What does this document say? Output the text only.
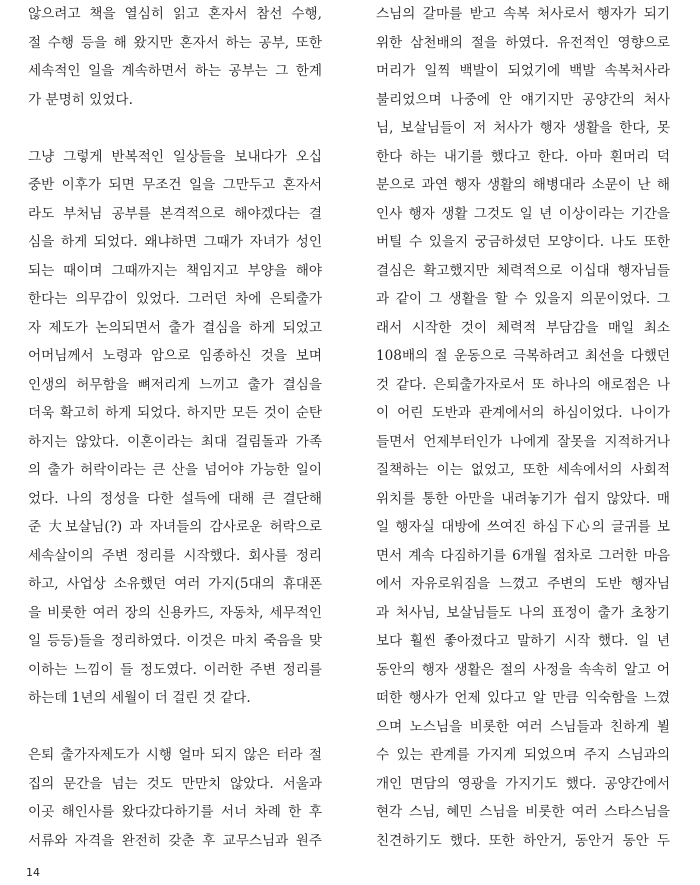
않으려고 책을 열심히 읽고 혼자서 참선 수행,
절 수행 등을 해 왔지만 혼자서 하는 공부, 또한
세속적인 일을 계속하면서 하는 공부는 그 한계
가 분명히 있었다.
그냥 그렇게 반복적인 일상들을 보내다가 오십
중반 이후가 되면 무조건 일을 그만두고 혼자서
라도 부처님 공부를 본격적으로 해야겠다는 결
심을 하게 되었다. 왜냐하면 그때가 자녀가 성인
되는 때이며 그때까지는 책임지고 부양을 해야
한다는 의무감이 있었다. 그러던 차에 은퇴출가
자 제도가 논의되면서 출가 결심을 하게 되었고
어머님께서 노령과 암으로 임종하신 것을 보며
인생의 허무함을 뼈저리게 느끼고 출가 결심을
더욱 확고히 하게 되었다. 하지만 모든 것이 순탄
하지는 않았다. 이혼이라는 최대 걸림돌과 가족
의 출가 허락이라는 큰 산을 넘어야 가능한 일이
었다. 나의 정성을 다한 설득에 대해 큰 결단해
준 大보살님(?) 과 자녀들의 감사로운 허락으로
세속살이의 주변 정리를 시작했다. 회사를 정리
하고, 사업상 소유했던 여러 가지(5대의 휴대폰
을 비롯한 여러 장의 신용카드, 자동차, 세무적인
일 등등)들을 정리하였다. 이것은 마치 죽음을 맞
이하는 느낌이 들 정도였다. 이러한 주변 정리를
하는데 1년의 세월이 더 걸린 것 같다.
은퇴 출가자제도가 시행 얼마 되지 않은 터라 절
집의 문간을 넘는 것도 만만치 않았다. 서울과
이곳 해인사를 왔다갔다하기를 서너 차례 한 후
서류와 자격을 완전히 갖춘 후 교무스님과 원주
스님의 갈마를 받고 속복 처사로서 행자가 되기
위한 삼천배의 절을 하였다. 유전적인 영향으로
머리가 일찍 백발이 되었기에 백발 속복처사라
불리었으며 나중에 안 얘기지만 공양간의 처사
님, 보살님들이 저 처사가 행자 생활을 한다, 못
한다 하는 내기를 했다고 한다. 아마 흰머리 덕
분으로 과연 행자 생활의 해병대라 소문이 난 해
인사 행자 생활 그것도 일 년 이상이라는 기간을
버틸 수 있을지 궁금하셨던 모양이다. 나도 또한
결심은 확고했지만 체력적으로 이십대 행자님들
과 같이 그 생활을 할 수 있을지 의문이었다. 그
래서 시작한 것이 체력적 부담감을 매일 최소
108배의 절 운동으로 극복하려고 최선을 다했던
것 같다. 은퇴출가자로서 또 하나의 애로점은 나
이 어린 도반과 관계에서의 하심이었다. 나이가
들면서 언제부터인가 나에게 잘못을 지적하거나
질책하는 이는 없었고, 또한 세속에서의 사회적
위치를 통한 아만을 내려놓기가 쉽지 않았다. 매
일 행자실 대방에 쓰여진 하심下心의 글귀를 보
면서 계속 다짐하기를 6개월 점차로 그러한 마음
에서 자유로워짐을 느꼈고 주변의 도반 행자님
과 처사님, 보살님들도 나의 표정이 출가 초창기
보다 훨씬 좋아졌다고 말하기 시작 했다. 일 년
동안의 행자 생활은 절의 사정을 속속히 알고 어
떠한 행사가 언제 있다고 알 만큼 익숙함을 느꼈
으며 노스님을 비롯한 여러 스님들과 친하게 뵐
수 있는 관계를 가지게 되었으며 주지 스님과의
개인 면담의 영광을 가지기도 했다. 공양간에서
현각 스님, 혜민 스님을 비롯한 여러 스타스님을
친견하기도 했다. 또한 하안거, 동안거 동안 두
14
